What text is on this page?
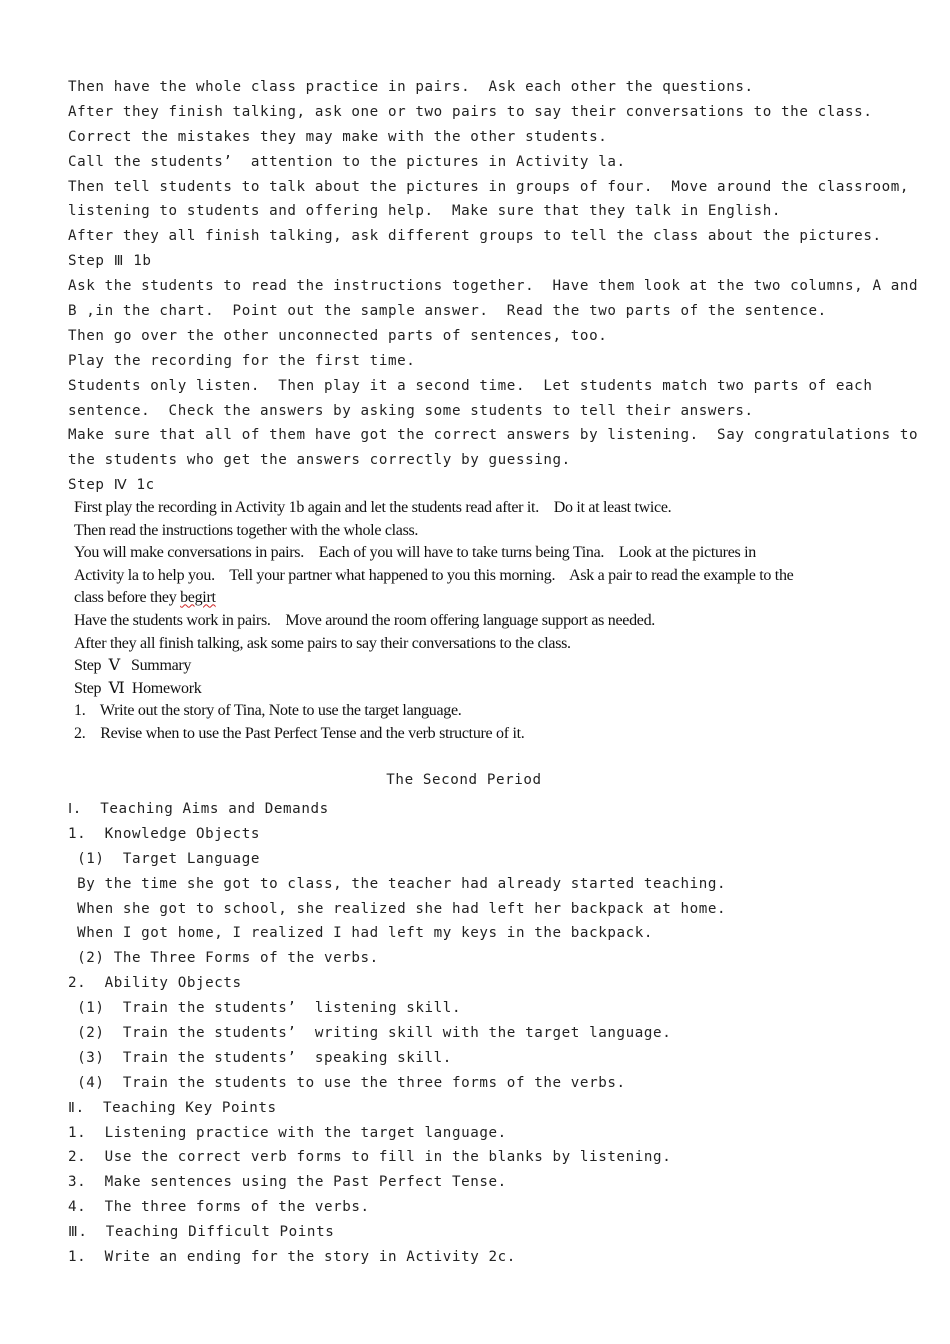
Then have the whole class practice in pairs.  Ask each other the questions.
After they finish talking, ask one or two pairs to say their conversations to the class.
Correct the mistakes they may make with the other students.
Call the students’  attention to the pictures in Activity la.
Then tell students to talk about the pictures in groups of four.  Move around the classroom,
listening to students and offering help.  Make sure that they talk in English.
After they all finish talking, ask different groups to tell the class about the pictures.
Step Ⅲ 1b
Ask the students to read the instructions together.  Have them look at the two columns, A and
B ,in the chart.  Point out the sample answer.  Read the two parts of the sentence.
Then go over the other unconnected parts of sentences, too.
Play the recording for the first time.
Students only listen.  Then play it a second time.  Let students match two parts of each
sentence.  Check the answers by asking some students to tell their answers.
Make sure that all of them have got the correct answers by listening.  Say congratulations to
the students who get the answers correctly by guessing.
Step Ⅳ 1c
First play the recording in Activity 1b again and let the students read after it.    Do it at least twice.
Then read the instructions together with the whole class.
You will make conversations in pairs.    Each of you will have to take turns being Tina.    Look at the pictures in
Activity la to help you.    Tell your partner what happened to you this morning.    Ask a pair to read the example to the
class before they begirt
Have the students work in pairs.    Move around the room offering language support as needed.
After they all finish talking, ask some pairs to say their conversations to the class.
Step  Ⅴ   Summary
Step  Ⅵ  Homework
1.    Write out the story of Tina, Note to use the target language.
2.    Revise when to use the Past Perfect Tense and the verb structure of it.
The Second Period
Ⅰ.  Teaching Aims and Demands
1.  Knowledge Objects
(1)  Target Language
By the time she got to class, the teacher had already started teaching.
When she got to school, she realized she had left her backpack at home.
When I got home, I realized I had left my keys in the backpack.
(2) The Three Forms of the verbs.
2.  Ability Objects
(1)  Train the students’  listening skill.
(2)  Train the students’  writing skill with the target language.
(3)  Train the students’  speaking skill.
(4)  Train the students to use the three forms of the verbs.
Ⅱ.  Teaching Key Points
1.  Listening practice with the target language.
2.  Use the correct verb forms to fill in the blanks by listening.
3.  Make sentences using the Past Perfect Tense.
4.  The three forms of the verbs.
Ⅲ.  Teaching Difficult Points
1.  Write an ending for the story in Activity 2c.
